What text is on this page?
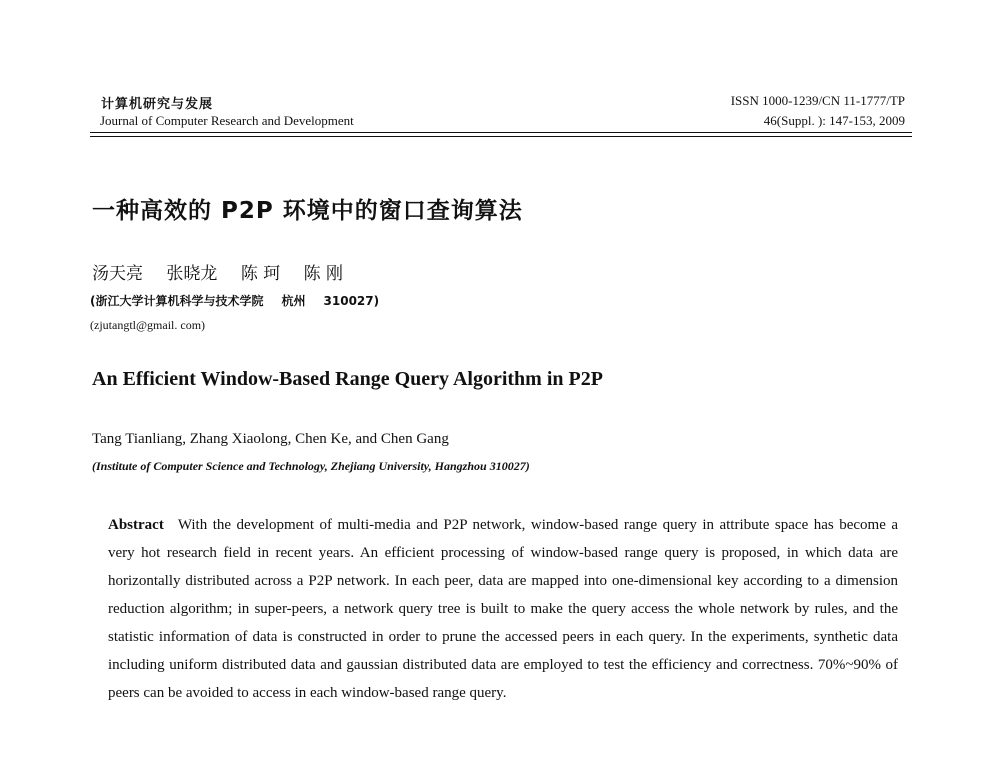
计算机研究与发展
Journal of Computer Research and Development
ISSN 1000-1239/CN 11-1777/TP
46(Suppl. ): 147-153, 2009
一种高效的 P2P 环境中的窗口查询算法
汤天亮 张晓龙 陈 珂 陈 刚
(浙江大学计算机科学与技术学院 杭州 310027)
(zjutangtl@gmail. com)
An Efficient Window-Based Range Query Algorithm in P2P
Tang Tianliang, Zhang Xiaolong, Chen Ke, and Chen Gang
(Institute of Computer Science and Technology, Zhejiang University, Hangzhou 310027)
Abstract With the development of multi-media and P2P network, window-based range query in attribute space has become a very hot research field in recent years. An efficient processing of window-based range query is proposed, in which data are horizontally distributed across a P2P network. In each peer, data are mapped into one-dimensional key according to a dimension reduction algorithm; in super-peers, a network query tree is built to make the query access the whole network by rules, and the statistic information of data is constructed in order to prune the accessed peers in each query. In the experiments, synthetic data including uniform distributed data and gaussian distributed data are employed to test the efficiency and correctness. 70%~90% of peers can be avoided to access in each window-based range query.
